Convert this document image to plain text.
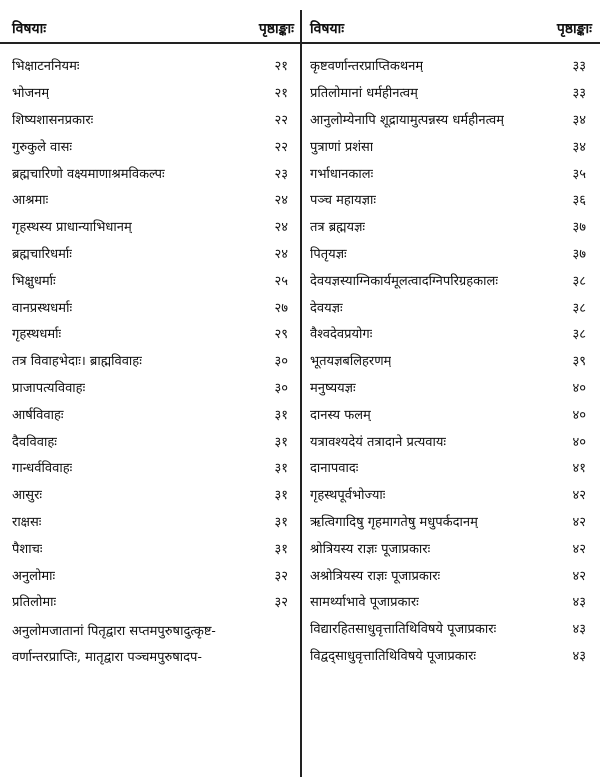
विषयाः	पृष्ठाङ्काः
भिक्षाटननियमः	२१
भोजनम्	२१
शिष्यशासनप्रकारः	२२
गुरुकुले वासः	२२
ब्रह्मचारिणो वक्ष्यमाणाश्रमविकल्पः	२३
आश्रमाः	२४
गृहस्थस्य प्राधान्याभिधानम्	२४
ब्रह्मचारिधर्माः	२४
भिक्षुधर्माः	२५
वानप्रस्थधर्माः	२७
गृहस्थधर्माः	२९
तत्र विवाहभेदाः। ब्राह्मविवाहः	३०
प्राजापत्यविवाहः	३०
आर्षविवाहः	३१
दैवविवाहः	३१
गान्धर्वविवाहः	३१
आसुरः	३१
राक्षसः	३१
पैशाचः	३१
अनुलोमाः	३२
प्रतिलोमाः	३२
अनुलोमजातानां पितृद्वारा सप्तमपुरुषादुत्कृष्ट-
वर्णान्तरप्राप्तिः, मातृद्वारा पञ्चमपुरुषादप-
विषयाः	पृष्ठाङ्काः
कृष्टवर्णान्तरप्राप्तिकथनम्	३३
प्रतिलोमानां धर्महीनत्वम्	३३
आनुलोम्येनापि शूद्रायामुत्पन्नस्य धर्महीनत्वम्	३४
पुत्राणां प्रशंसा	३४
गर्भाधानकालः	३५
पञ्च महायज्ञाः	३६
तत्र ब्रह्मयज्ञः	३७
पितृयज्ञः	३७
देवयज्ञस्याग्निकार्यमूलत्वादग्निपरिग्रहकालः	३८
देवयज्ञः	३८
वैश्वदेवप्रयोगः	३८
भूतयज्ञबलिहरणम्	३९
मनुष्ययज्ञः	४०
दानस्य फलम्	४०
यत्रावश्यदेयं तत्रादाने प्रत्यवायः	४०
दानापवादः	४१
गृहस्थपूर्वभोज्याः	४२
ऋत्विगादिषु गृहमागतेषु मधुपर्कदानम्	४२
श्रोत्रियस्य राज्ञः पूजाप्रकारः	४२
अश्रोत्रियस्य राज्ञः पूजाप्रकारः	४२
सामर्थ्याभावे पूजाप्रकारः	४३
विद्यारहितसाधुवृत्तातिथिविषये पूजाप्रकारः	४३
विद्वद्साधुवृत्तातिथिविषये पूजाप्रकारः	४३
